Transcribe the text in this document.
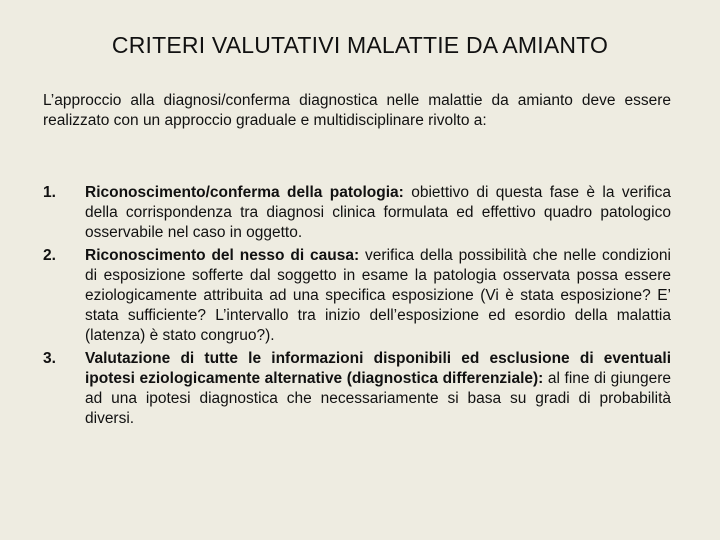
CRITERI VALUTATIVI MALATTIE DA AMIANTO
L’approccio alla diagnosi/conferma diagnostica nelle malattie da amianto deve essere realizzato con un approccio graduale e multidisciplinare rivolto a:
1.	Riconoscimento/conferma della patologia: obiettivo di questa fase è la verifica della corrispondenza tra diagnosi clinica formulata ed effettivo quadro patologico osservabile nel caso in oggetto.
2.	Riconoscimento del nesso di causa: verifica della possibilità che nelle condizioni di esposizione sofferte dal soggetto in esame la patologia osservata possa essere eziologicamente attribuita ad una specifica esposizione (Vi è stata esposizione? E’ stata sufficiente? L’intervallo tra inizio dell’esposizione ed esordio della malattia (latenza) è stato congruo?).
3.	Valutazione di tutte le informazioni disponibili ed esclusione di eventuali ipotesi eziologicamente alternative (diagnostica differenziale): al fine di giungere ad una ipotesi diagnostica che necessariamente si basa su gradi di probabilità diversi.
